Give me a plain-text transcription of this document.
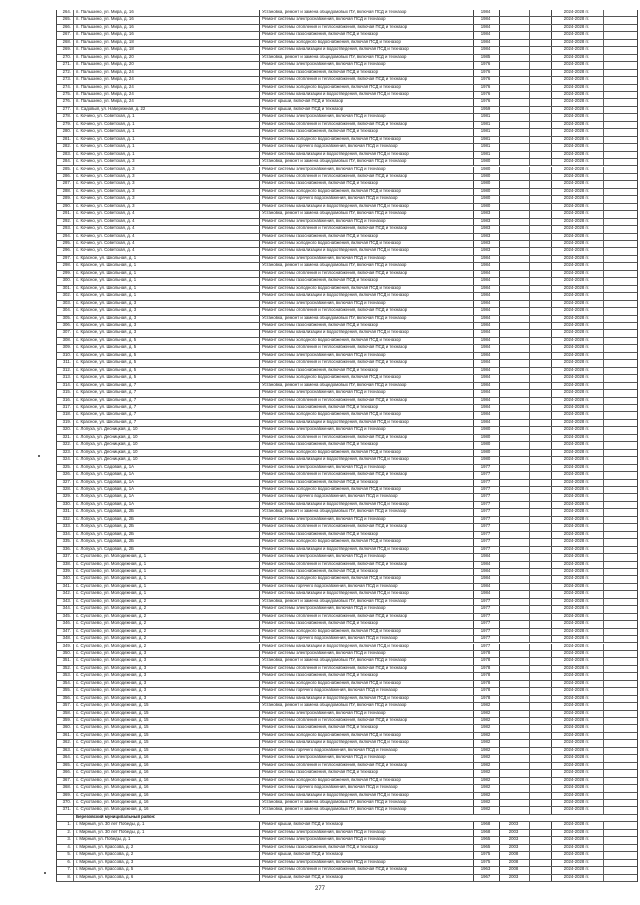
264.	п. Пальшино, ул. Мира, д. 16	Установка, ремонт и замена общедомовых ПУ, включая ПСД и техназор	1984	2024-2028 гг.
265.	п. Пальшино, ул. Мира, д. 16	Ремонт системы электроснабжения, включая ПСД и техназор	1984	2024-2028 гг.
266.	п. Пальшино, ул. Мира, д. 16	Ремонт системы отопления и теплоснабжения, включая ПСД и техназор	1984	2024-2028 гг.
267.	п. Пальшино, ул. Мира, д. 16	Ремонт системы газоснабжения, включая ПСД и техназор	1984	2024-2028 гг.
268.	п. Пальшино, ул. Мира, д. 18	Ремонт системы холодного водоснабжения, включая ПСД и техназор	1984	2024-2028 гг.
269.	п. Пальшино, ул. Мира, д. 18	Ремонт системы канализации и водоотведения, включая ПСД и техназор	1984	2024-2028 гг.
270.	п. Пальшино, ул. Мира, д. 20	Установка, ремонт и замена общедомовых ПУ, включая ПСД и техназор	1985	2024-2028 гг.
271.	п. Пальшино, ул. Мира, д. 20	Ремонт системы электроснабжения, включая ПСД и техназор	1976	2024-2028 гг.
272.	п. Пальшино, ул. Мира, д. 24	Ремонт системы газоснабжения, включая ПСД и техназор	1976	2024-2028 гг.
273.	п. Пальшино, ул. Мира, д. 24	Ремонт системы отопления и теплоснабжения, включая ПСД и техназор	1976	2024-2028 гг.
274.	п. Пальшино, ул. Мира, д. 24	Ремонт системы холодного водоснабжения, включая ПСД и техназор	1976	2024-2028 гг.
275.	п. Пальшино, ул. Мира, д. 24	Ремонт системы канализации и водоотведения, включая ПСД и техназор	1976	2024-2028 гг.
276.	п. Пальшино, ул. Мира, д. 24	Ремонт крыши, включая ПСД и техназор	1976	2024-2028 гг.
277.	п. Садовый, ул. Набережная, д. 22	Ремонт крыши, включая ПСД и техназор	1959	2024-2028 гг.
278.	с. Кочино, ул. Советская, д. 1	Ремонт системы электроснабжения, включая ПСД и техназор	1981	2024-2028 гг.
279.	с. Кочино, ул. Советская, д. 1	Ремонт системы отопления и теплоснабжения, включая ПСД и техназор	1981	2024-2028 гг.
280.	с. Кочино, ул. Советская, д. 1	Ремонт системы газоснабжения, включая ПСД и техназор	1981	2024-2028 гг.
281.	с. Кочино, ул. Советская, д. 1	Ремонт системы холодного водоснабжения, включая ПСД и техназор	1981	2024-2028 гг.
282.	с. Кочино, ул. Советская, д. 1	Ремонт системы горячего водоснабжения, включая ПСД и техназор	1981	2024-2028 гг.
283.	с. Кочино, ул. Советская, д. 1	Ремонт системы канализации и водоотведения, включая ПСД и техназор	1981	2024-2028 гг.
284.	с. Кочино, ул. Советская, д. 3	Установка, ремонт и замена общедомовых ПУ, включая ПСД и техназор	1980	2024-2028 гг.
285.	с. Кочино, ул. Советская, д. 3	Ремонт системы электроснабжения, включая ПСД и техназор	1980	2024-2028 гг.
286.	с. Кочино, ул. Советская, д. 3	Ремонт системы отопления и теплоснабжения, включая ПСД и техназор	1980	2024-2028 гг.
287.	с. Кочино, ул. Советская, д. 3	Ремонт системы газоснабжения, включая ПСД и техназор	1980	2024-2028 гг.
288.	с. Кочино, ул. Советская, д. 3	Ремонт системы холодного водоснабжения, включая ПСД и техназор	1980	2024-2028 гг.
289.	с. Кочино, ул. Советская, д. 3	Ремонт системы горячего водоснабжения, включая ПСД и техназор	1980	2024-2028 гг.
290.	с. Кочино, ул. Советская, д. 3	Ремонт системы канализации и водоотведения, включая ПСД и техназор	1980	2024-2028 гг.
291.	с. Кочино, ул. Советская, д. 4	Установка, ремонт и замена общедомовых ПУ, включая ПСД и техназор	1983	2024-2028 гг.
292.	с. Кочино, ул. Советская, д. 4	Ремонт системы электроснабжения, включая ПСД и техназор	1983	2024-2028 гг.
293.	с. Кочино, ул. Советская, д. 4	Ремонт системы отопления и теплоснабжения, включая ПСД и техназор	1983	2024-2028 гг.
294.	с. Кочино, ул. Советская, д. 4	Ремонт системы газоснабжения, включая ПСД и техназор	1983	2024-2028 гг.
295.	с. Кочино, ул. Советская, д. 4	Ремонт системы холодного водоснабжения, включая ПСД и техназор	1983	2024-2028 гг.
296.	с. Кочино, ул. Советская, д. 4	Ремонт системы канализации и водоотведения, включая ПСД и техназор	1983	2024-2028 гг.
297.	с. Красное, ул. Школьная, д. 1	Ремонт системы электроснабжения, включая ПСД и техназор	1984	2024-2028 гг.
298.	с. Красное, ул. Школьная, д. 1	Установка, ремонт и замена общедомовых ПУ, включая ПСД и техназор	1984	2024-2028 гг.
299.	с. Красное, ул. Школьная, д. 1	Ремонт системы отопления и теплоснабжения, включая ПСД и техназор	1984	2024-2028 гг.
300.	с. Красное, ул. Школьная, д. 1	Ремонт системы газоснабжения, включая ПСД и техназор	1984	2024-2028 гг.
301.	с. Красное, ул. Школьная, д. 1	Ремонт системы холодного водоснабжения, включая ПСД и техназор	1984	2024-2028 гг.
302.	с. Красное, ул. Школьная, д. 1	Ремонт системы канализации и водоотведения, включая ПСД и техназор	1984	2024-2028 гг.
303.	с. Красное, ул. Школьная, д. 3	Ремонт системы электроснабжения, включая ПСД и техназор	1984	2024-2028 гг.
304.	с. Красное, ул. Школьная, д. 3	Ремонт системы отопления и теплоснабжения, включая ПСД и техназор	1984	2024-2028 гг.
305.	с. Красное, ул. Школьная, д. 3	Установка, ремонт и замена общедомовых ПУ, включая ПСД и техназор	1984	2024-2028 гг.
306.	с. Красное, ул. Школьная, д. 3	Ремонт системы газоснабжения, включая ПСД и техназор	1984	2024-2028 гг.
307.	с. Красное, ул. Школьная, д. 3	Ремонт системы канализации и водоотведения, включая ПСД и техназор	1984	2024-2028 гг.
308.	с. Красное, ул. Школьная, д. 5	Ремонт системы холодного водоснабжения, включая ПСД и техназор	1984	2024-2028 гг.
309.	с. Красное, ул. Школьная, д. 5	Ремонт системы отопления и теплоснабжения, включая ПСД и техназор	1984	2024-2028 гг.
310.	с. Красное, ул. Школьная, д. 5	Ремонт системы электроснабжения, включая ПСД и техназор	1984	2024-2028 гг.
311.	с. Красное, ул. Школьная, д. 5	Ремонт системы отопления и теплоснабжения, включая ПСД и техназор	1984	2024-2028 гг.
312.	с. Красное, ул. Школьная, д. 5	Ремонт системы газоснабжения, включая ПСД и техназор	1984	2024-2028 гг.
313.	с. Красное, ул. Школьная, д. 5	Ремонт системы холодного водоснабжения, включая ПСД и техназор	1984	2024-2028 гг.
314.	с. Красное, ул. Школьная, д. 7	Установка, ремонт и замена общедомовых ПУ, включая ПСД и техназор	1984	2024-2028 гг.
315.	с. Красное, ул. Школьная, д. 7	Ремонт системы электроснабжения, включая ПСД и техназор	1984	2024-2028 гг.
316.	с. Красное, ул. Школьная, д. 7	Ремонт системы отопления и теплоснабжения, включая ПСД и техназор	1984	2024-2028 гг.
317.	с. Красное, ул. Школьная, д. 7	Ремонт системы газоснабжения, включая ПСД и техназор	1984	2024-2028 гг.
318.	с. Красное, ул. Школьная, д. 7	Ремонт системы холодного водоснабжения, включая ПСД и техназор	1984	2024-2028 гг.
319.	с. Красное, ул. Школьная, д. 7	Ремонт системы канализации и водоотведения, включая ПСД и техназор	1984	2024-2028 гг.
320.	с. Лопуха, ул. Десницкая, д. 10	Ремонт системы электроснабжения, включая ПСД и техназор	1980	2024-2028 гг.
321.	с. Лопуха, ул. Десницкая, д. 10	Ремонт системы отопления и теплоснабжения, включая ПСД и техназор	1980	2024-2028 гг.
322.	с. Лопуха, ул. Десницкая, д. 10	Ремонт системы газоснабжения, включая ПСД и техназор	1980	2024-2028 гг.
323.	с. Лопуха, ул. Десницкая, д. 10	Ремонт системы холодного водоснабжения, включая ПСД и техназор	1980	2024-2028 гг.
324.	с. Лопуха, ул. Десницкая, д. 10	Ремонт системы канализации и водоотведения, включая ПСД и техназор	1980	2024-2028 гг.
325.	с. Лопуха, ул. Садовая, д. 1А	Ремонт системы электроснабжения, включая ПСД и техназор	1977	2024-2028 гг.
326.	с. Лопуха, ул. Садовая, д. 1А	Ремонт системы отопления и теплоснабжения, включая ПСД и техназор	1977	2024-2028 гг.
327.	с. Лопуха, ул. Садовая, д. 1А	Ремонт системы газоснабжения, включая ПСД и техназор	1977	2024-2028 гг.
328.	с. Лопуха, ул. Садовая, д. 1А	Ремонт системы холодного водоснабжения, включая ПСД и техназор	1977	2024-2028 гг.
329.	с. Лопуха, ул. Садовая, д. 1А	Ремонт системы горячего водоснабжения, включая ПСД и техназор	1977	2024-2028 гг.
330.	с. Лопуха, ул. Садовая, д. 1А	Ремонт системы канализации и водоотведения, включая ПСД и техназор	1977	2024-2028 гг.
331.	с. Лопуха, ул. Садовая, д. 2Б	Установка, ремонт и замена общедомовых ПУ, включая ПСД и техназор	1977	2024-2028 гг.
332.	с. Лопуха, ул. Садовая, д. 2Б	Ремонт системы электроснабжения, включая ПСД и техназор	1977	2024-2028 гг.
333.	с. Лопуха, ул. Садовая, д. 2Б	Ремонт системы отопления и теплоснабжения, включая ПСД и техназор	1977	2024-2028 гг.
334.	с. Лопуха, ул. Садовая, д. 2Б	Ремонт системы газоснабжения, включая ПСД и техназор	1977	2024-2028 гг.
335.	с. Лопуха, ул. Садовая, д. 2Б	Ремонт системы холодного водоснабжения, включая ПСД и техназор	1977	2024-2028 гг.
336.	с. Лопуха, ул. Садовая, д. 2Б	Ремонт системы канализации и водоотведения, включая ПСД и техназор	1977	2024-2028 гг.
337.	с. Сухотаево, ул. Молодежная, д. 1	Ремонт системы электроснабжения, включая ПСД и техназор	1984	2024-2028 гг.
338.	с. Сухотаево, ул. Молодежная, д. 1	Ремонт системы отопления и теплоснабжения, включая ПСД и техназор	1984	2024-2028 гг.
339.	с. Сухотаево, ул. Молодежная, д. 1	Ремонт системы газоснабжения, включая ПСД и техназор	1984	2024-2028 гг.
340.	с. Сухотаево, ул. Молодежная, д. 1	Ремонт системы холодного водоснабжения, включая ПСД и техназор	1984	2024-2028 гг.
341.	с. Сухотаево, ул. Молодежная, д. 1	Ремонт системы горячего водоснабжения, включая ПСД и техназор	1984	2024-2028 гг.
342.	с. Сухотаево, ул. Молодежная, д. 1	Ремонт системы канализации и водоотведения, включая ПСД и техназор	1984	2024-2028 гг.
343.	с. Сухотаево, ул. Молодежная, д. 2	Установка, ремонт и замена общедомовых ПУ, включая ПСД и техназор	1977	2024-2028 гг.
344.	с. Сухотаево, ул. Молодежная, д. 2	Ремонт системы электроснабжения, включая ПСД и техназор	1977	2024-2028 гг.
345.	с. Сухотаево, ул. Молодежная, д. 2	Ремонт системы отопления и теплоснабжения, включая ПСД и техназор	1977	2024-2028 гг.
346.	с. Сухотаево, ул. Молодежная, д. 2	Ремонт системы газоснабжения, включая ПСД и техназор	1977	2024-2028 гг.
347.	с. Сухотаево, ул. Молодежная, д. 2	Ремонт системы холодного водоснабжения, включая ПСД и техназор	1977	2024-2028 гг.
348.	с. Сухотаево, ул. Молодежная, д. 2	Ремонт системы горячего водоснабжения, включая ПСД и техназор	1977	2024-2028 гг.
349.	с. Сухотаево, ул. Молодежная, д. 2	Ремонт системы канализации и водоотведения, включая ПСД и техназор	1977	2024-2028 гг.
350.	с. Сухотаево, ул. Молодежная, д. 3	Ремонт системы электроснабжения, включая ПСД и техназор	1978	2024-2028 гг.
351.	с. Сухотаево, ул. Молодежная, д. 3	Установка, ремонт и замена общедомовых ПУ, включая ПСД и техназор	1978	2024-2028 гг.
352.	с. Сухотаево, ул. Молодежная, д. 3	Ремонт системы отопления и теплоснабжения, включая ПСД и техназор	1978	2024-2028 гг.
353.	с. Сухотаево, ул. Молодежная, д. 3	Ремонт системы газоснабжения, включая ПСД и техназор	1978	2024-2028 гг.
354.	с. Сухотаево, ул. Молодежная, д. 3	Ремонт системы холодного водоснабжения, включая ПСД и техназор	1978	2024-2028 гг.
355.	с. Сухотаево, ул. Молодежная, д. 3	Ремонт системы горячего водоснабжения, включая ПСД и техназор	1978	2024-2028 гг.
356.	с. Сухотаево, ул. Молодежная, д. 3	Ремонт системы канализации и водоотведения, включая ПСД и техназор	1978	2024-2028 гг.
357.	с. Сухотаево, ул. Молодежная, д. 15	Установка, ремонт и замена общедомовых ПУ, включая ПСД и техназор	1982	2024-2028 гг.
358.	с. Сухотаево, ул. Молодежная, д. 15	Ремонт системы электроснабжения, включая ПСД и техназор	1982	2024-2028 гг.
359.	с. Сухотаево, ул. Молодежная, д. 15	Ремонт системы отопления и теплоснабжения, включая ПСД и техназор	1982	2024-2028 гг.
360.	с. Сухотаево, ул. Молодежная, д. 15	Ремонт системы газоснабжения, включая ПСД и техназор	1982	2024-2028 гг.
361.	с. Сухотаево, ул. Молодежная, д. 15	Ремонт системы холодного водоснабжения, включая ПСД и техназор	1982	2024-2028 гг.
362.	с. Сухотаево, ул. Молодежная, д. 15	Ремонт системы канализации и водоотведения, включая ПСД и техназор	1982	2024-2028 гг.
363.	с. Сухотаево, ул. Молодежная, д. 15	Ремонт системы горячего водоснабжения, включая ПСД и техназор	1982	2024-2028 гг.
364.	с. Сухотаево, ул. Молодежная, д. 16	Ремонт системы электроснабжения, включая ПСД и техназор	1982	2024-2028 гг.
365.	с. Сухотаево, ул. Молодежная, д. 16	Ремонт системы отопления и теплоснабжения, включая ПСД и техназор	1982	2024-2028 гг.
366.	с. Сухотаево, ул. Молодежная, д. 16	Ремонт системы газоснабжения, включая ПСД и техназор	1982	2024-2028 гг.
367.	с. Сухотаево, ул. Молодежная, д. 16	Ремонт системы холодного водоснабжения, включая ПСД и техназор	1982	2024-2028 гг.
368.	с. Сухотаево, ул. Молодежная, д. 16	Ремонт системы горячего водоснабжения, включая ПСД и техназор	1982	2024-2028 гг.
369.	с. Сухотаево, ул. Молодежная, д. 16	Ремонт системы канализации и водоотведения, включая ПСД и техназор	1982	2024-2028 гг.
370.	с. Сухотаево, ул. Молодежная, д. 16	Установка, ремонт и замена общедомовых ПУ, включая ПСД и техназор	1982	2024-2028 гг.
371.	с. Сухотаево, ул. Молодежная, д. 16	Установка, ремонт и замена общедомовых ПУ, включая ПСД и техназор	1982	2024-2028 гг.
Березовский муниципальный район:
1.	г. Мирный, ул. 30 лет Победы, д. 1	Ремонт крыши, включая ПСД и техназор	1968	2003	2024-2028 гг.
2.	г. Мирный, ул. 30 лет Победы, д. 1	Ремонт системы электроснабжения, включая ПСД и техназор	1968	2003	2024-2028 гг.
3.	г. Мирный, ул. Победы, д. 1	Ремонт системы электроснабжения, включая ПСД и техназор	1965	2003	2024-2028 гг.
4.	г. Мирный, ул. Крассова, д. 2	Ремонт системы газоснабжения, включая ПСД и техназор	1965	2003	2024-2028 гг.
5.	г. Мирный, ул. Крассова, д. 2	Ремонт крыши, включая ПСД и техназор	1975	2008	2024-2028 гг.
6.	г. Мирный, ул. Крассова, д. 3	Ремонт системы электроснабжения, включая ПСД и техназор	1975	2008	2024-2028 гг.
7.	г. Мирный, ул. Крассова, д. 5	Ремонт системы отопления и теплоснабжения, включая ПСД и техназор	1963	2008	2024-2028 гг.
8.	г. Мирный, ул. Крассова, д. 6	Ремонт крыши, включая ПСД и техназор	1967	2003	2024-2028 гг.
277
